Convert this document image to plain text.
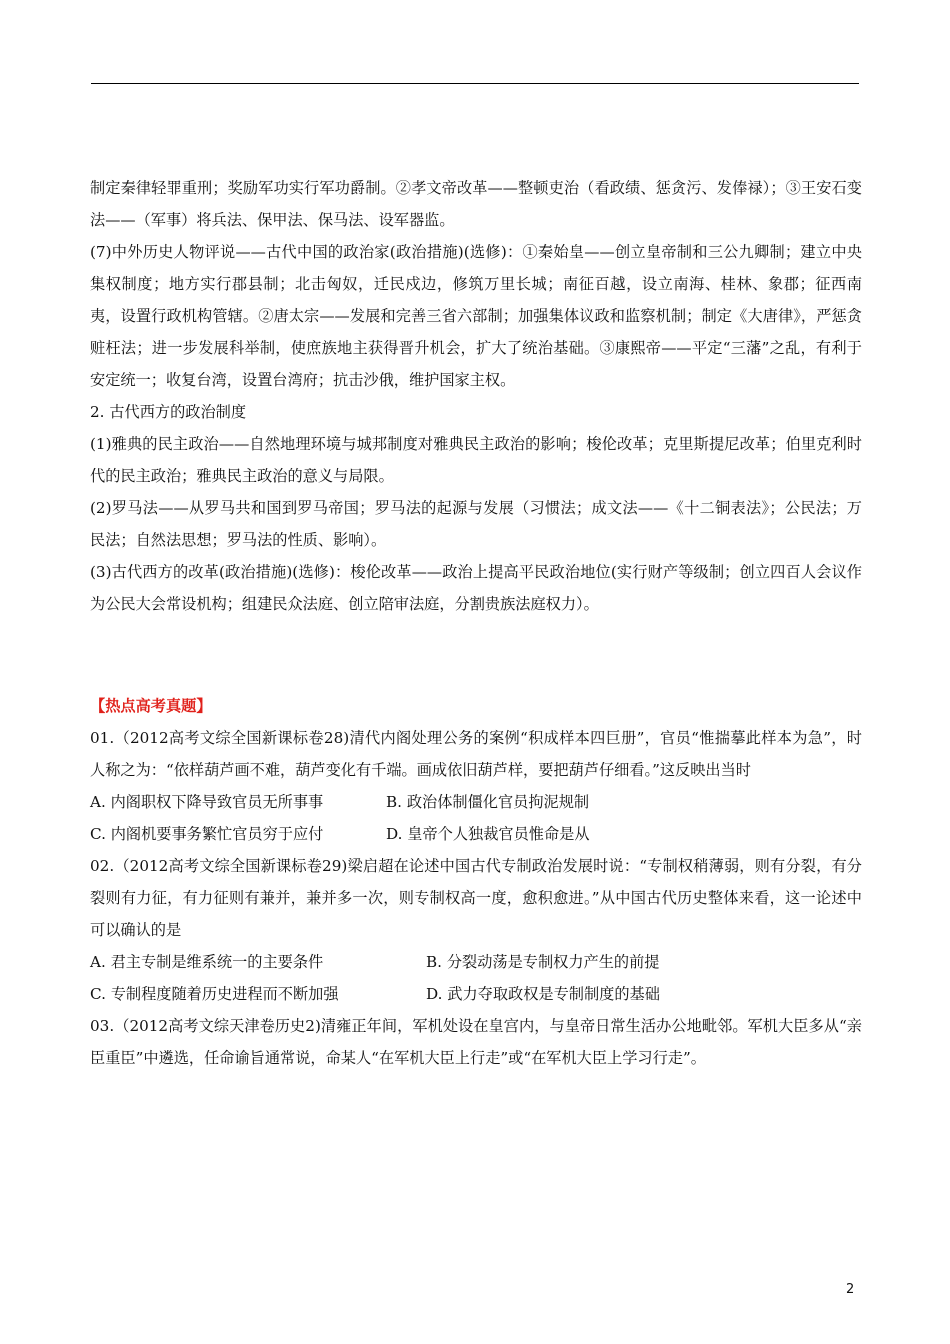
制定秦律轻罪重刑；奖励军功实行军功爵制。②孝文帝改革——整顿吏治（看政绩、惩贪污、发俸禄）；③王安石变法——（军事）将兵法、保甲法、保马法、设军器监。

(7)中外历史人物评说——古代中国的政治家(政治措施)(选修)：①秦始皇——创立皇帝制和三公九卿制；建立中央集权制度；地方实行郡县制；北击匈奴，迁民戍边，修筑万里长城；南征百越，设立南海、桂林、象郡；征西南夷，设置行政机构管辖。②唐太宗——发展和完善三省六部制；加强集体议政和监察机制；制定《大唐律》，严惩贪赃枉法；进一步发展科举制，使庶族地主获得晋升机会，扩大了统治基础。③康熙帝——平定“三藩”之乱，有利于安定统一；收复台湾，设置台湾府；抗击沙俄，维护国家主权。

2. 古代西方的政治制度

(1)雅典的民主政治——自然地理环境与城邦制度对雅典民主政治的影响；梭伦改革；克里斯提尼改革；伯里克利时代的民主政治；雅典民主政治的意义与局限。

(2)罗马法——从罗马共和国到罗马帝国；罗马法的起源与发展（习惯法；成文法——《十二铜表法》；公民法；万民法；自然法思想；罗马法的性质、影响）。

(3)古代西方的改革(政治措施)(选修)：梭伦改革——政治上提高平民政治地位(实行财产等级制；创立四百人会议作为公民大会常设机构；组建民众法庭、创立陪审法庭，分割贵族法庭权力）。

【热点高考真题】

01.（2012高考文综全国新课标卷28)清代内阁处理公务的案例“积成样本四巨册”，官员“惟揣摹此样本为急”，时人称之为：“依样葫芦画不难，葫芦变化有千端。画成依旧葫芦样，要把葫芦仔细看。”这反映出当时

A. 内阁职权下降导致官员无所事事	B. 政治体制僵化官员拘泥规制
C. 内阁机要事务繁忙官员穷于应付	D. 皇帝个人独裁官员惟命是从

02.（2012高考文综全国新课标卷29)梁启超在论述中国古代专制政治发展时说：“专制权稍薄弱，则有分裂，有分裂则有力征，有力征则有兼并，兼并多一次，则专制权高一度，愈积愈进。”从中国古代历史整体来看，这一论述中可以确认的是

A. 君主专制是维系统一的主要条件	B. 分裂动荡是专制权力产生的前提
C. 专制程度随着历史进程而不断加强	D. 武力夺取政权是专制制度的基础

03.（2012高考文综天津卷历史2)清雍正年间，军机处设在皇宫内，与皇帝日常生活办公地毗邻。军机大臣多从“亲臣重臣”中遴选，任命谕旨通常说，命某人“在军机大臣上行走”或“在军机大臣上学习行走”。

2
